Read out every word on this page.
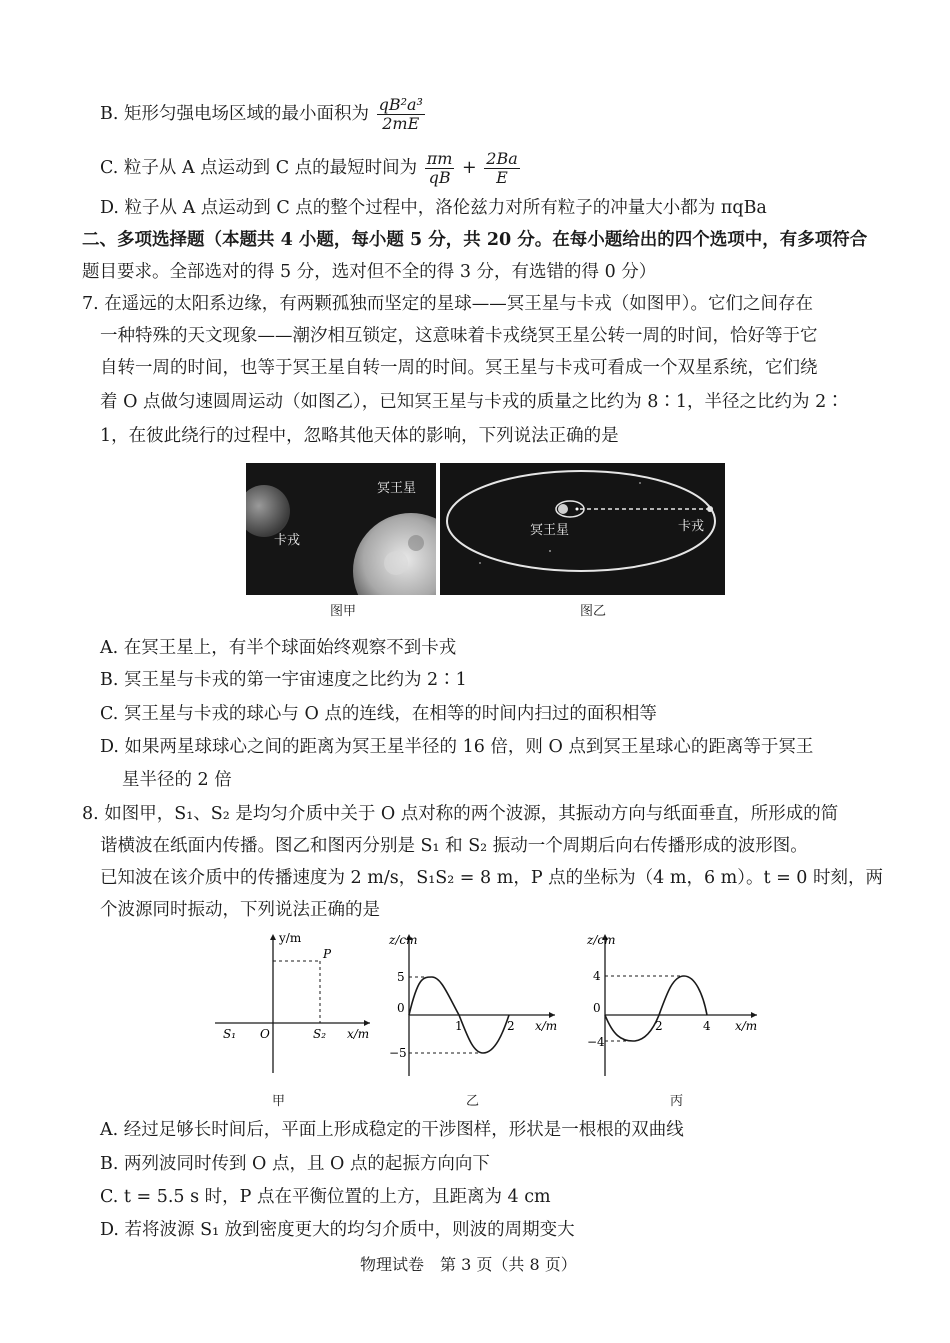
B. 矩形匀强电场区域的最小面积为 $\frac{\text{qB²a³}}{2mE}$
C. 粒子从 A 点运动到 C 点的最短时间为 $\frac{\pi m}{qB} + \frac{2Ba}{E}$
D. 粒子从 A 点运动到 C 点的整个过程中，洛伦兹力对所有粒子的冲量大小都为 πqBa
二、多项选择题（本题共 4 小题，每小题 5 分，共 20 分。在每小题给出的四个选项中，有多项符合
题目要求。全部选对的得 5 分，选对但不全的得 3 分，有选错的得 0 分）
7. 在遥远的太阳系边缘，有两颗孤独而坚定的星球——冥王星与卡戎（如图甲）。它们之间存在
一种特殊的天文现象——潮汐相互锁定，这意味着卡戎绕冥王星公转一周的时间，恰好等于它
自转一周的时间，也等于冥王星自转一周的时间。冥王星与卡戎可看成一个双星系统，它们绕
着 O 点做匀速圆周运动（如图乙），已知冥王星与卡戎的质量之比约为 8∶1，半径之比约为 2∶
1，在彼此绕行的过程中，忽略其他天体的影响，下列说法正确的是
冥王星
卡戎
冥王星	卡戎
图甲	图乙
A. 在冥王星上，有半个球面始终观察不到卡戎
B. 冥王星与卡戎的第一宇宙速度之比约为 2∶1
C. 冥王星与卡戎的球心与 O 点的连线，在相等的时间内扫过的面积相等
D. 如果两星球球心之间的距离为冥王星半径的 16 倍，则 O 点到冥王星球心的距离等于冥王
星半径的 2 倍
8. 如图甲，S₁、S₂ 是均匀介质中关于 O 点对称的两个波源，其振动方向与纸面垂直，所形成的简
谐横波在纸面内传播。图乙和图丙分别是 S₁ 和 S₂ 振动一个周期后向右传播形成的波形图。
已知波在该介质中的传播速度为 2 m/s，S₁S₂ = 8 m，P 点的坐标为（4 m，6 m）。t = 0 时刻，两
个波源同时振动，下列说法正确的是
y/m
x/m
O
S₁	S₂
P
甲
z/cm
x/m
5
−5
0
1	2
乙
z/cm
x/m
4
−4
0
2	4
丙
A. 经过足够长时间后，平面上形成稳定的干涉图样，形状是一根根的双曲线
B. 两列波同时传到 O 点，且 O 点的起振方向向下
C. t = 5.5 s 时，P 点在平衡位置的上方，且距离为 4 cm
D. 若将波源 S₁ 放到密度更大的均匀介质中，则波的周期变大
物理试卷　第 3 页（共 8 页）
